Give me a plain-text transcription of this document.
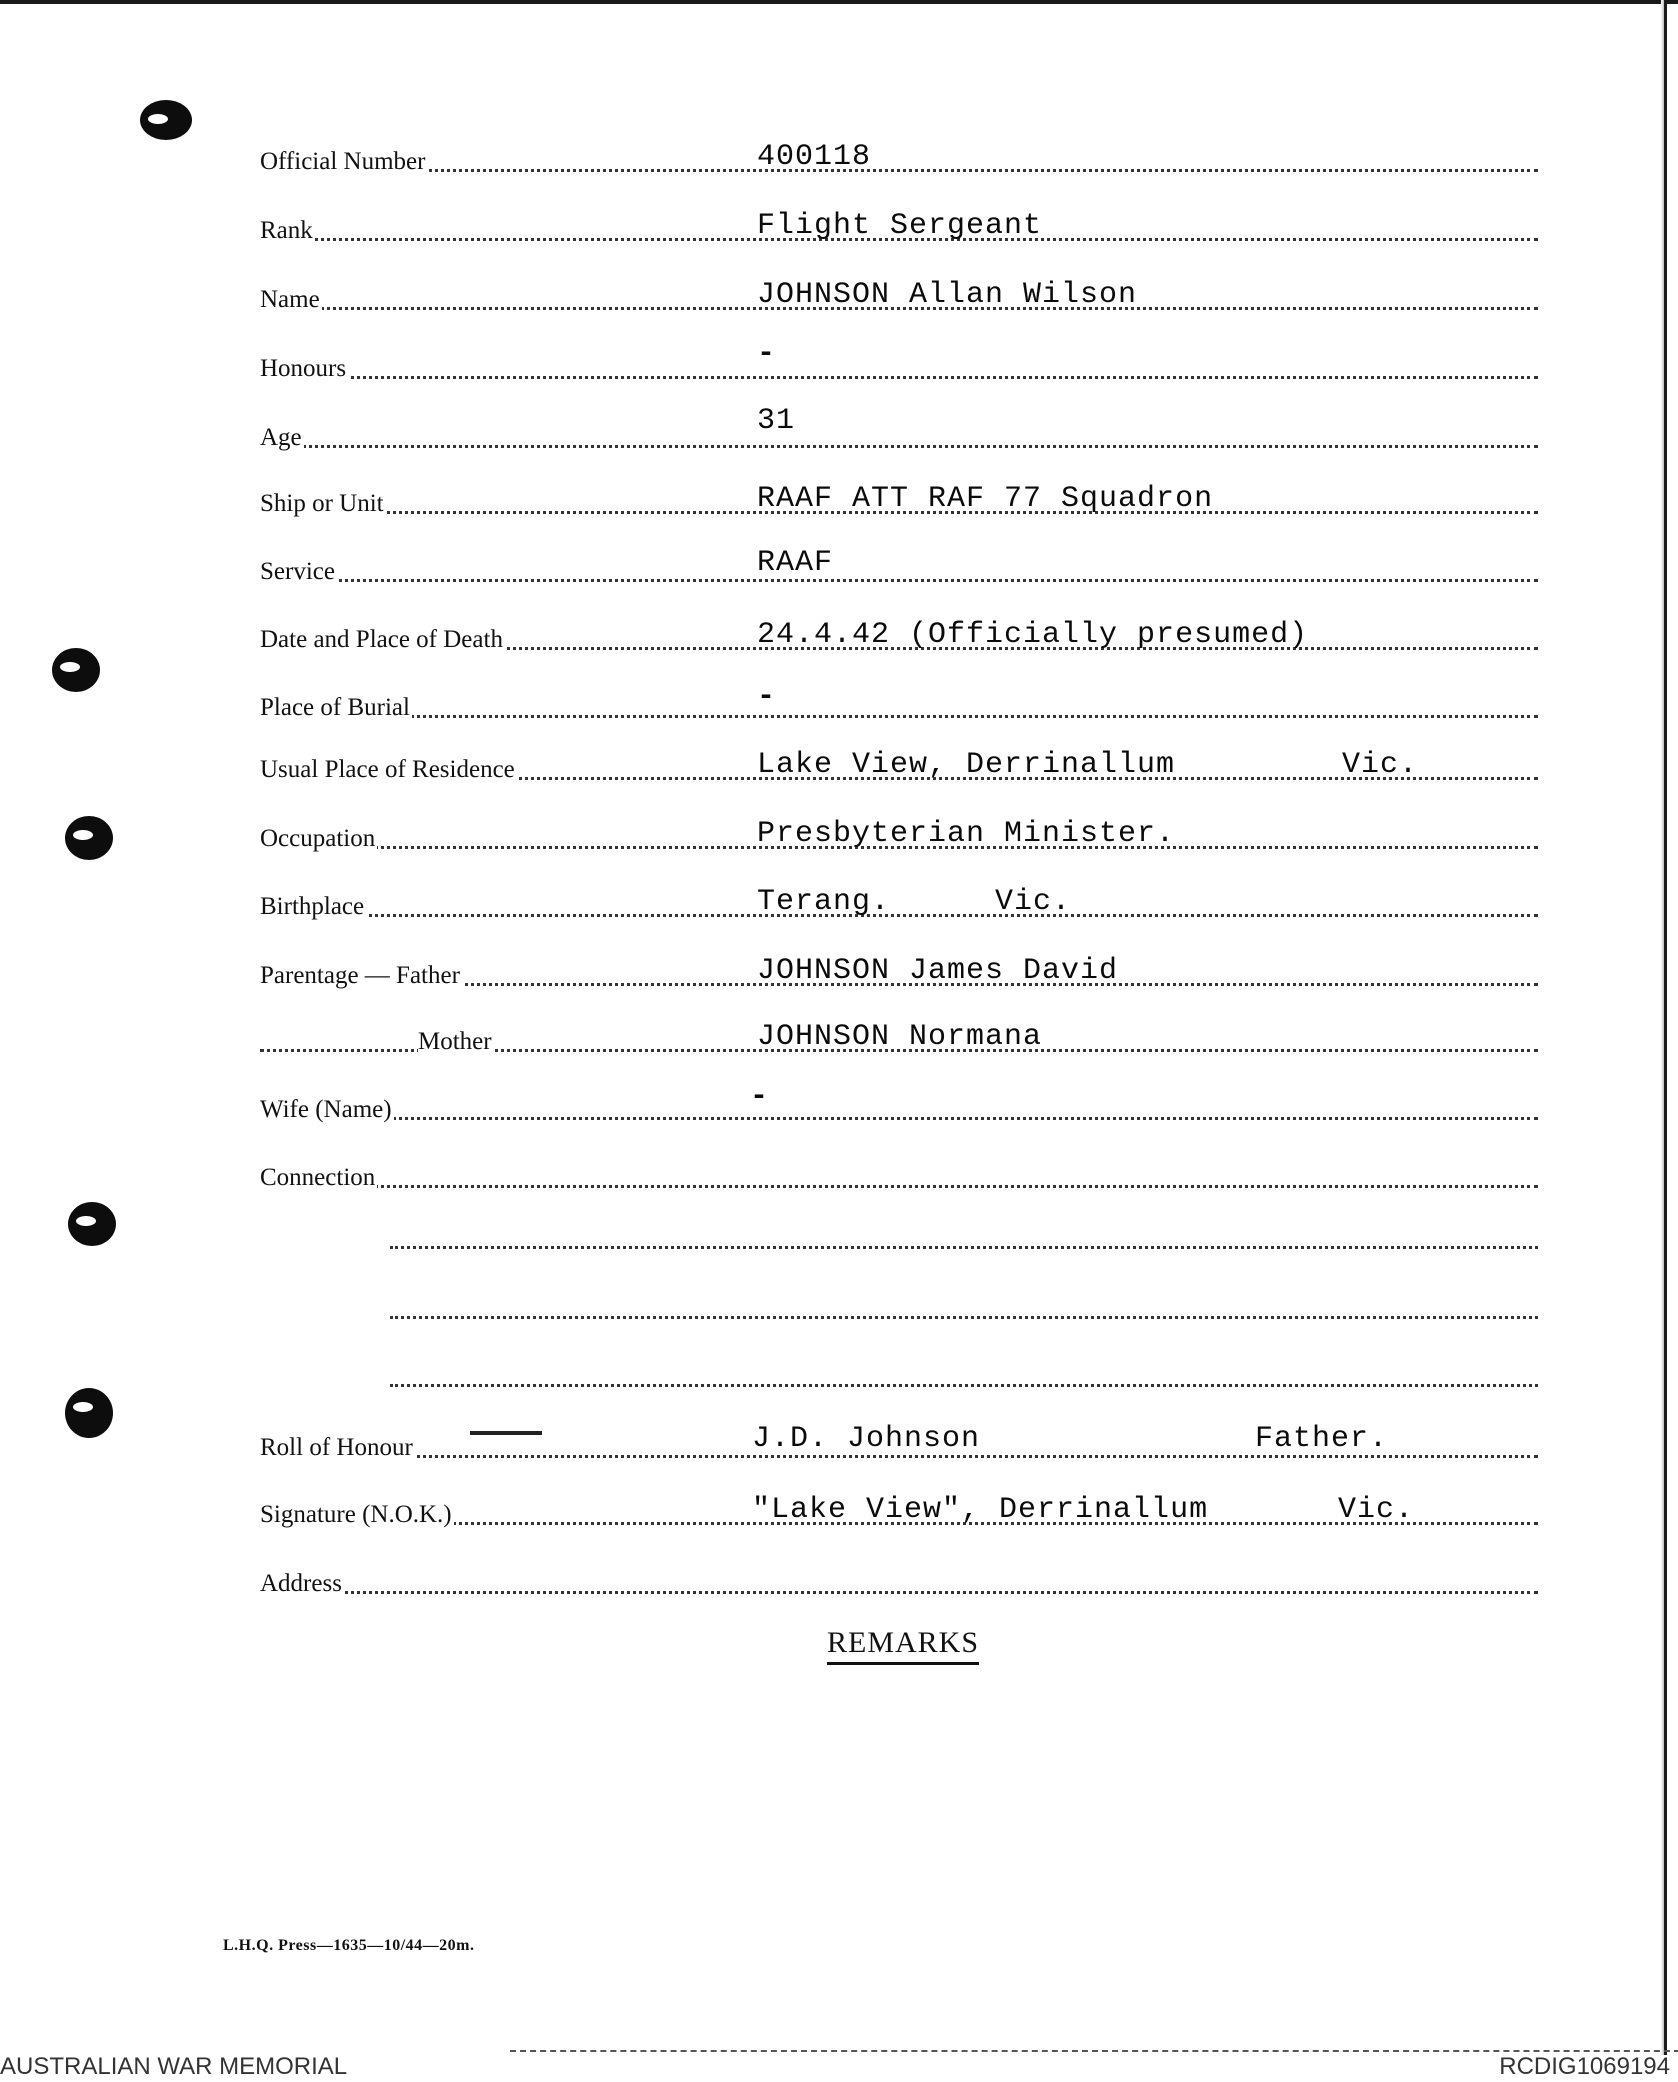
Official Number	400118
Rank	Flight Sergeant
Name	JOHNSON Allan Wilson
Honours	-
Age	31
Ship or Unit	RAAF ATT RAF 77 Squadron
Service	RAAF
Date and Place of Death	24.4.42 (Officially presumed)
Place of Burial	-
Usual Place of Residence	Lake View, Derrinallum	Vic.
Occupation	Presbyterian Minister.
Birthplace	Terang.	Vic.
Parentage — Father	JOHNSON James David
Mother	JOHNSON Normana
Wife (Name)	-
Connection
Roll of Honour	J.D. Johnson	Father.
Signature (N.O.K.)	"Lake View", Derrinallum	Vic.
Address
REMARKS
L.H.Q. Press—1635—10/44—20m.
AUSTRALIAN WAR MEMORIAL	RCDIG1069194
